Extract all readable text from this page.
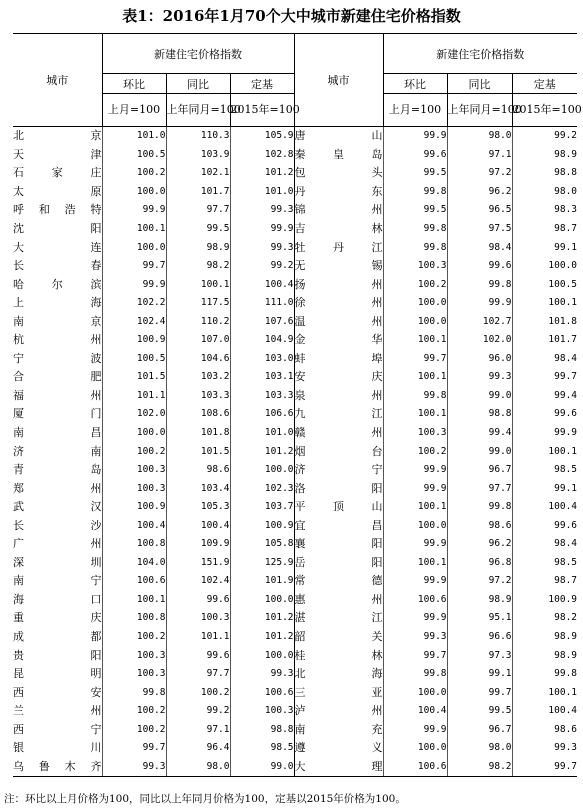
表1：2016年1月70个大中城市新建住宅价格指数
城市	新建住宅价格指数			城市	新建住宅价格指数		
	环比	同比	定基		环比	同比	定基
	上月=100	上年同月=100	2015年=100		上月=100	上年同月=100	2015年=100
北京	101.0	110.3	105.9	唐山	99.9	98.0	99.2
天津	100.5	103.9	102.8	秦皇岛	99.6	97.1	98.9
石家庄	100.2	102.1	101.2	包头	99.5	97.2	98.8
太原	100.0	101.7	101.0	丹东	99.8	96.2	98.0
呼和浩特	99.9	97.7	99.3	锦州	99.5	96.5	98.3
沈阳	100.1	99.5	99.9	吉林	99.8	97.5	98.7
大连	100.0	98.9	99.3	牡丹江	99.8	98.4	99.1
长春	99.7	98.2	99.2	无锡	100.3	99.6	100.0
哈尔滨	99.9	100.1	100.4	扬州	100.2	99.8	100.5
上海	102.2	117.5	111.0	徐州	100.0	99.9	100.1
南京	102.4	110.2	107.6	温州	100.0	102.7	101.8
杭州	100.9	107.0	104.9	金华	100.1	102.0	101.7
宁波	100.5	104.6	103.0	蚌埠	99.7	96.0	98.4
合肥	101.5	103.2	103.1	安庆	100.1	99.3	99.7
福州	101.1	103.3	103.3	泉州	99.8	99.0	99.4
厦门	102.0	108.6	106.6	九江	100.1	98.8	99.6
南昌	100.0	101.8	101.0	赣州	100.3	99.4	99.9
济南	100.2	101.5	101.2	烟台	100.2	99.0	100.1
青岛	100.3	98.6	100.0	济宁	99.9	96.7	98.5
郑州	100.3	103.4	102.3	洛阳	99.9	97.7	99.1
武汉	100.9	105.3	103.7	平顶山	100.1	99.8	100.4
长沙	100.4	100.4	100.9	宜昌	100.0	98.6	99.6
广州	100.8	109.9	105.8	襄阳	99.9	96.2	98.4
深圳	104.0	151.9	125.9	岳阳	100.1	96.8	98.5
南宁	100.6	102.4	101.9	常德	99.9	97.2	98.7
海口	100.1	99.6	100.0	惠州	100.6	98.9	100.9
重庆	100.8	100.3	101.2	湛江	99.9	95.1	98.2
成都	100.2	101.1	101.2	韶关	99.3	96.6	98.9
贵阳	100.3	99.6	100.0	桂林	99.7	97.3	98.9
昆明	100.3	97.7	99.3	北海	99.8	99.1	99.8
西安	99.8	100.2	100.6	三亚	100.0	99.7	100.1
兰州	100.2	99.2	100.3	泸州	100.4	99.5	100.4
西宁	100.2	97.1	98.8	南充	99.9	96.7	98.6
银川	99.7	96.4	98.5	遵义	100.0	98.0	99.3
乌鲁木齐	99.3	98.0	99.0	大理	100.6	98.2	99.7
注：环比以上月价格为100，同比以上年同月价格为100，定基以2015年价格为100。
